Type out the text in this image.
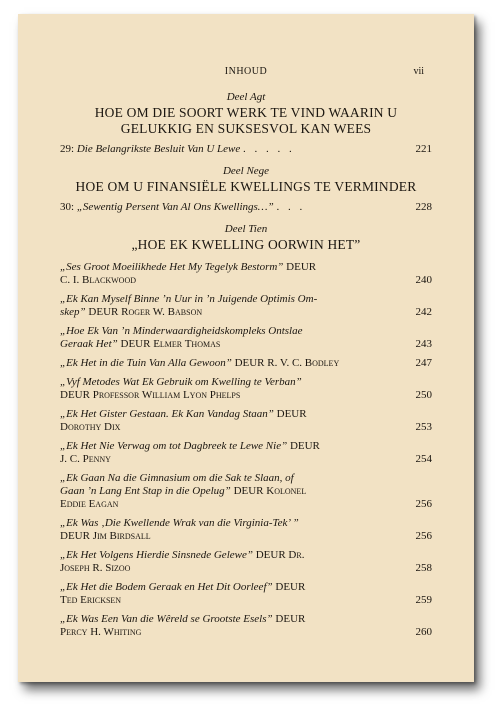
INHOUD	vii

Deel Agt

HOE OM DIE SOORT WERK TE VIND WAARIN U
GELUKKIG EN SUKSESVOL KAN WEES

29: Die Belangrikste Besluit Van U Lewe . . . . .	221

Deel Nege

HOE OM U FINANSIËLE KWELLINGS TE VERMINDER

30: „Sewentig Persent Van Al Ons Kwellings…” . . .	228

Deel Tien

„HOE EK KWELLING OORWIN HET”

„Ses Groot Moeilikhede Het My Tegelyk Bestorm” DEUR
C. I. Blackwood	240
„Ek Kan Myself Binne ’n Uur in ’n Juigende Optimis Om-
skep” DEUR Roger W. Babson	242
„Hoe Ek Van ’n Minderwaardigheidskompleks Ontslae
Geraak Het” DEUR Elmer Thomas	243
„Ek Het in die Tuin Van Alla Gewoon” DEUR R. V. C. Bodley	247
„Vyf Metodes Wat Ek Gebruik om Kwelling te Verban”
DEUR Professor William Lyon Phelps	250
„Ek Het Gister Gestaan. Ek Kan Vandag Staan” DEUR
Dorothy Dix	253
„Ek Het Nie Verwag om tot Dagbreek te Lewe Nie” DEUR
J. C. Penny	254
„Ek Gaan Na die Gimnasium om die Sak te Slaan, of
Gaan ’n Lang Ent Stap in die Opelug” DEUR Kolonel
Eddie Eagan	256
„Ek Was ‚Die Kwellende Wrak van die Virginia-Tek’ ”
DEUR Jim Birdsall	256
„Ek Het Volgens Hierdie Sinsnede Gelewe” DEUR Dr.
Joseph R. Sizoo	258
„Ek Het die Bodem Geraak en Het Dit Oorleef” DEUR
Ted Ericksen	259
„Ek Was Een Van die Wêreld se Grootste Esels” DEUR
Percy H. Whiting	260
